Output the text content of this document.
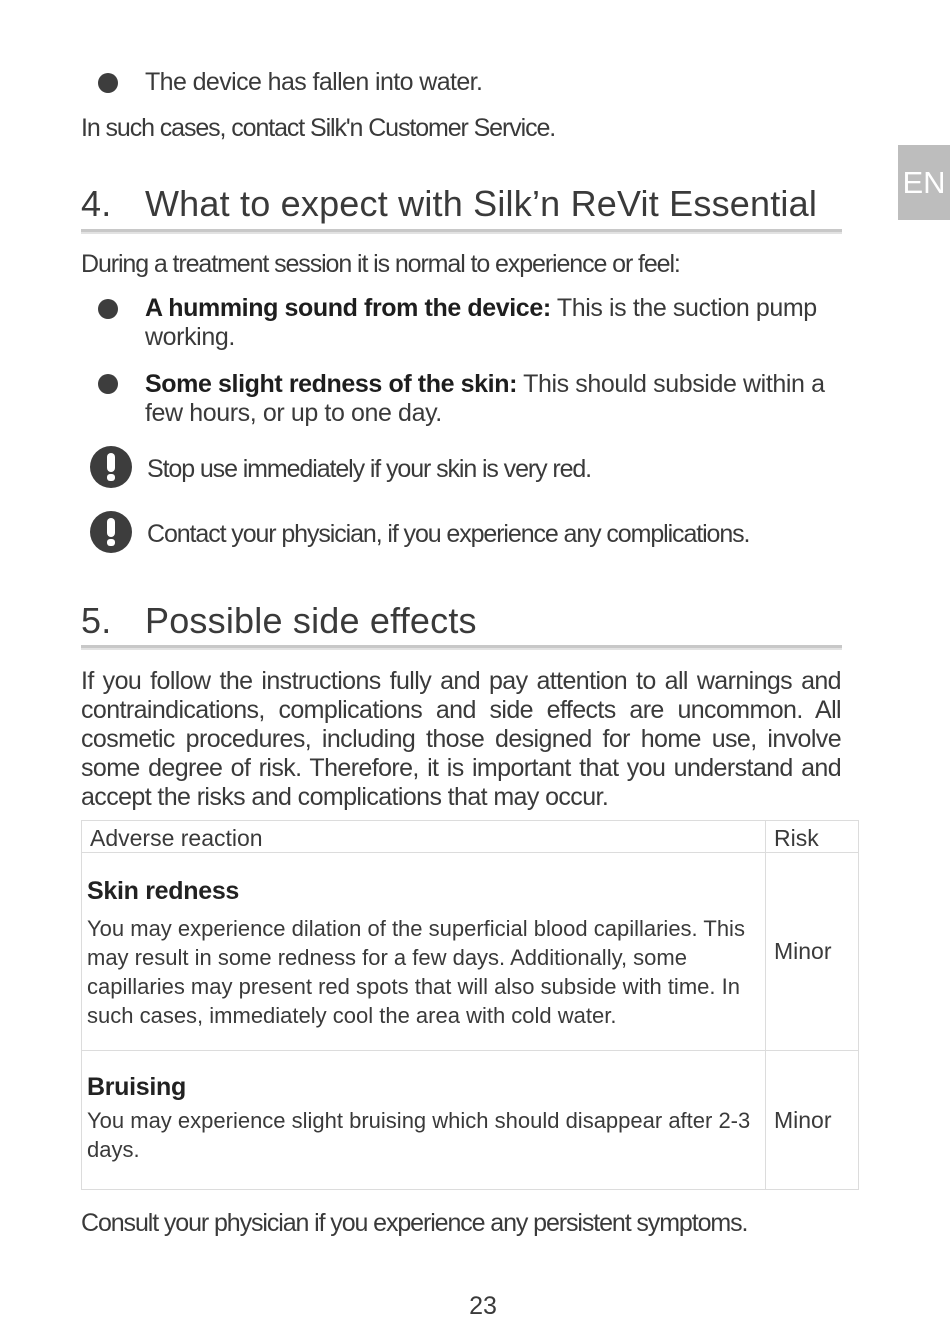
EN
The device has fallen into water.
In such cases, contact Silk'n Customer Service.
4. What to expect with Silk’n ReVit Essential
During a treatment session it is normal to experience or feel:
A humming sound from the device: This is the suction pump working.
Some slight redness of the skin: This should subside within a few hours, or up to one day.
Stop use immediately if your skin is very red.
Contact your physician, if you experience any complications.
5. Possible side effects
If you follow the instructions fully and pay attention to all warnings and contraindications, complications and side effects are uncommon. All cosmetic procedures, including those designed for home use, involve some degree of risk. Therefore, it is important that you understand and accept the risks and complications that may occur.
Adverse reaction	Risk

Skin redness
You may experience dilation of the superficial blood capillaries. This may result in some redness for a few days. Additionally, some capillaries may present red spots that will also subside with time. In such cases, immediately cool the area with cold water.	Minor

Bruising
You may experience slight bruising which should disappear after 2-3 days.	Minor
Consult your physician if you experience any persistent symptoms.
23
